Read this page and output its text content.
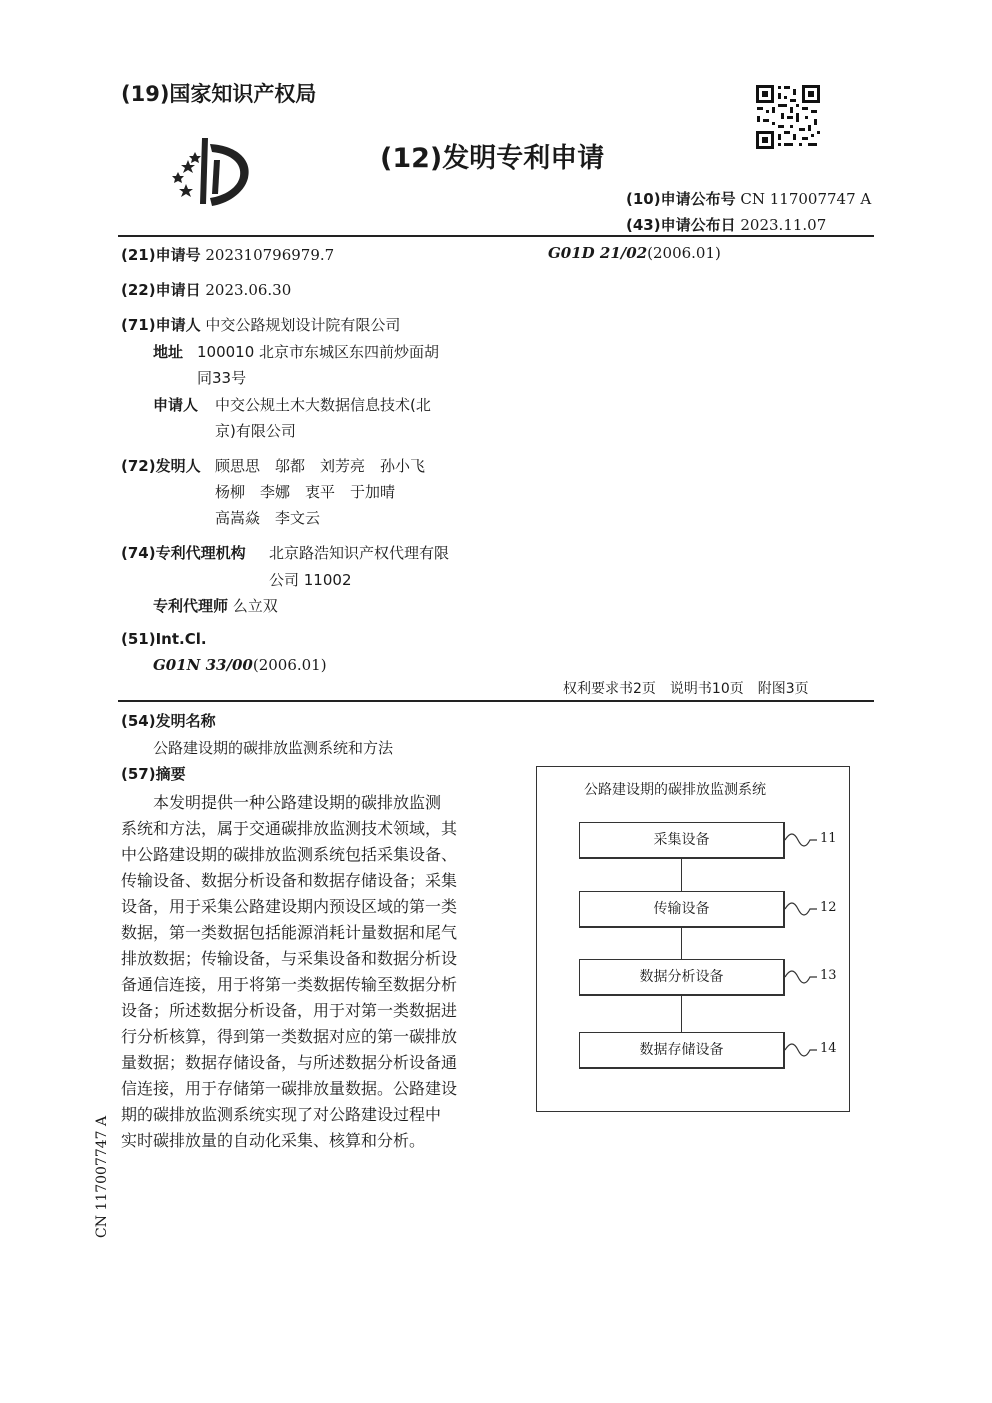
(19)国家知识产权局
(12)发明专利申请
(10)申请公布号 CN 117007747 A
(43)申请公布日 2023.11.07
(21)申请号 202310796979.7	G01D 21/02(2006.01)
(22)申请日 2023.06.30
(71)申请人 中交公路规划设计院有限公司
地址 100010 北京市东城区东四前炒面胡
同33号
申请人 中交公规土木大数据信息技术(北
京)有限公司
(72)发明人 顾思思　邬都　刘芳亮　孙小飞
杨柳　李娜　衷平　于加晴
高嵩焱　李文云
(74)专利代理机构 北京路浩知识产权代理有限
公司 11002
专利代理师 么立双
(51)Int.Cl.
G01N 33/00(2006.01)
权利要求书2页　说明书10页　附图3页
(54)发明名称
公路建设期的碳排放监测系统和方法
(57)摘要
　　本发明提供一种公路建设期的碳排放监测
系统和方法，属于交通碳排放监测技术领域，其
中公路建设期的碳排放监测系统包括采集设备、
传输设备、数据分析设备和数据存储设备；采集
设备，用于采集公路建设期内预设区域的第一类
数据，第一类数据包括能源消耗计量数据和尾气
排放数据；传输设备，与采集设备和数据分析设
备通信连接，用于将第一类数据传输至数据分析
设备；所述数据分析设备，用于对第一类数据进
行分析核算，得到第一类数据对应的第一碳排放
量数据；数据存储设备，与所述数据分析设备通
信连接，用于存储第一碳排放量数据。公路建设
期的碳排放监测系统实现了对公路建设过程中
实时碳排放量的自动化采集、核算和分析。
公路建设期的碳排放监测系统
采集设备
传输设备
数据分析设备
数据存储设备
11
12
13
14
CN 117007747 A
